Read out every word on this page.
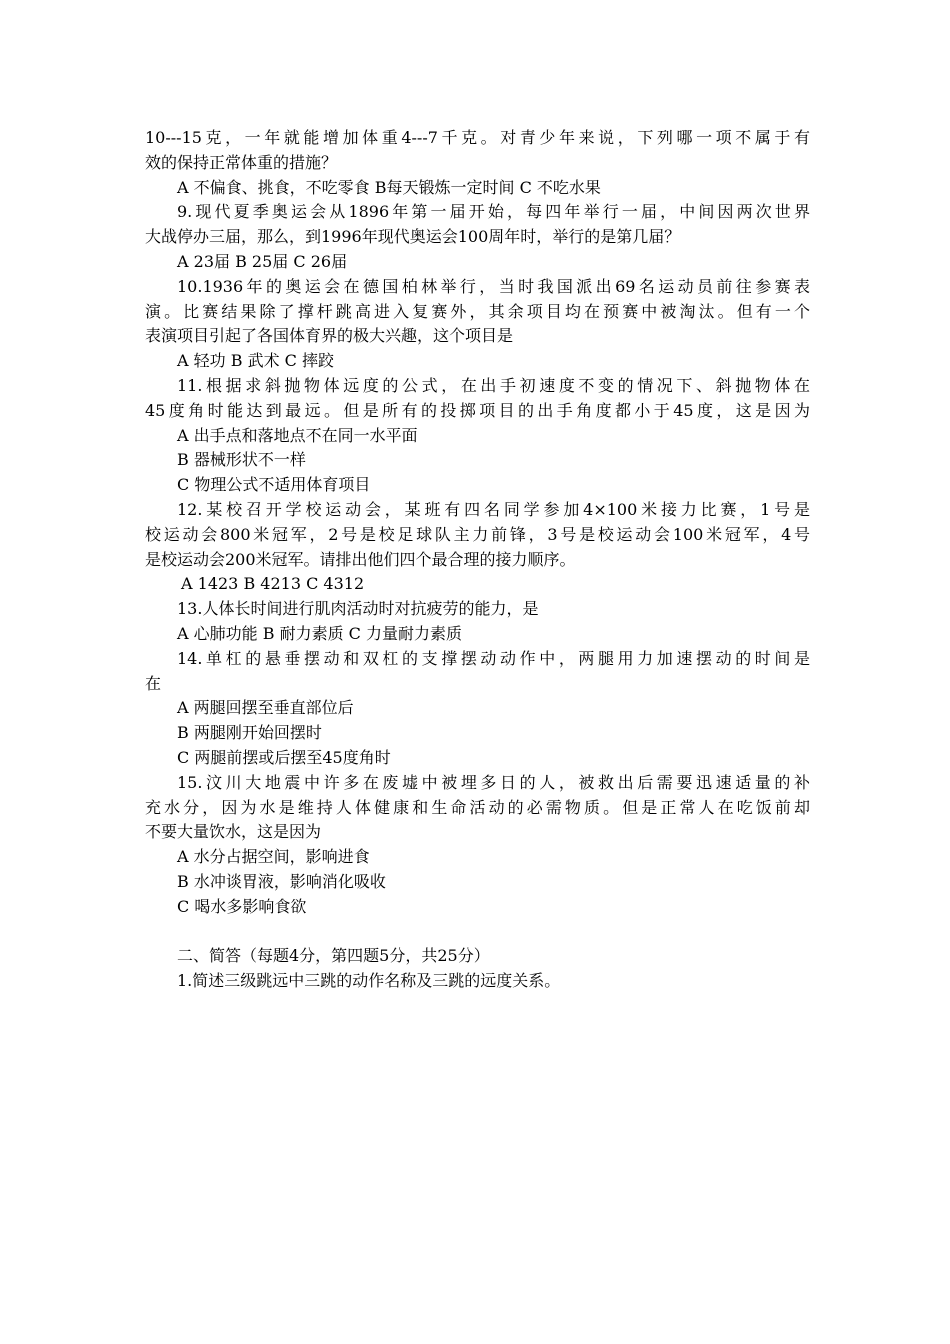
10---15克，一年就能增加体重4---7千克。对青少年来说，下列哪一项不属于有
效的保持正常体重的措施？
A 不偏食、挑食，不吃零食 B每天锻炼一定时间 C 不吃水果
9.现代夏季奥运会从1896年第一届开始，每四年举行一届，中间因两次世界
大战停办三届，那么，到1996年现代奥运会100周年时，举行的是第几届？
A 23届 B 25届 C 26届
10.1936年的奥运会在德国柏林举行，当时我国派出69名运动员前往参赛表
演。比赛结果除了撑杆跳高进入复赛外，其余项目均在预赛中被淘汰。但有一个
表演项目引起了各国体育界的极大兴趣，这个项目是
A 轻功 B 武术 C 摔跤
11.根据求斜抛物体远度的公式，在出手初速度不变的情况下、斜抛物体在
45度角时能达到最远。但是所有的投掷项目的出手角度都小于45度，这是因为
A 出手点和落地点不在同一水平面
B 器械形状不一样
C 物理公式不适用体育项目
12.某校召开学校运动会，某班有四名同学参加4×100米接力比赛，1号是
校运动会800米冠军，2号是校足球队主力前锋，3号是校运动会100米冠军，4号
是校运动会200米冠军。请排出他们四个最合理的接力顺序。
A 1423 B 4213 C 4312
13.人体长时间进行肌肉活动时对抗疲劳的能力，是
A 心肺功能 B 耐力素质 C 力量耐力素质
14.单杠的悬垂摆动和双杠的支撑摆动动作中，两腿用力加速摆动的时间是
在
A 两腿回摆至垂直部位后
B 两腿刚开始回摆时
C 两腿前摆或后摆至45度角时
15.汶川大地震中许多在废墟中被埋多日的人，被救出后需要迅速适量的补
充水分，因为水是维持人体健康和生命活动的必需物质。但是正常人在吃饭前却
不要大量饮水，这是因为
A 水分占据空间，影响进食
B 水冲谈胃液，影响消化吸收
C 喝水多影响食欲
二、简答（每题4分，第四题5分，共25分）
1.简述三级跳远中三跳的动作名称及三跳的远度关系。
